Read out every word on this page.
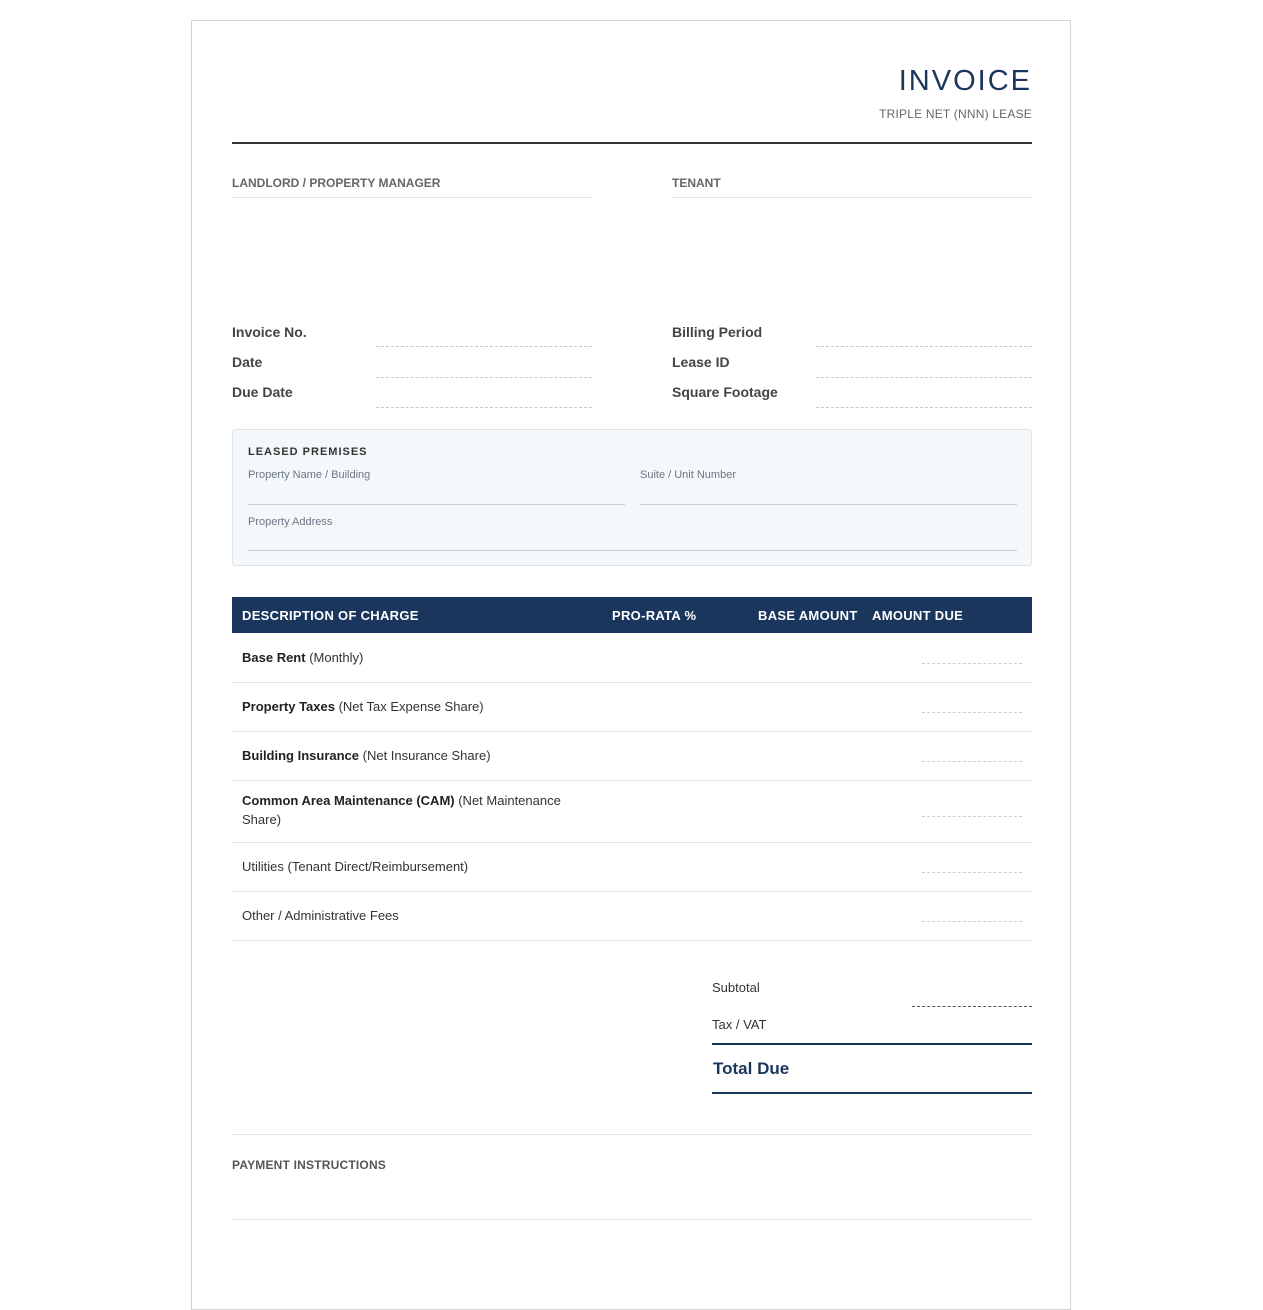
INVOICE
TRIPLE NET (NNN) LEASE
LANDLORD / PROPERTY MANAGER	TENANT
Invoice No.
Date
Due Date
Billing Period
Lease ID
Square Footage
LEASED PREMISES
Property Name / Building	Suite / Unit Number
Property Address
DESCRIPTION OF CHARGE	PRO-RATA %	BASE AMOUNT AMOUNT DUE
Base Rent (Monthly)
Property Taxes (Net Tax Expense Share)
Building Insurance (Net Insurance Share)
Common Area Maintenance (CAM) (Net Maintenance Share)
Utilities (Tenant Direct/Reimbursement)
Other / Administrative Fees
Subtotal
Tax / VAT
Total Due
PAYMENT INSTRUCTIONS
